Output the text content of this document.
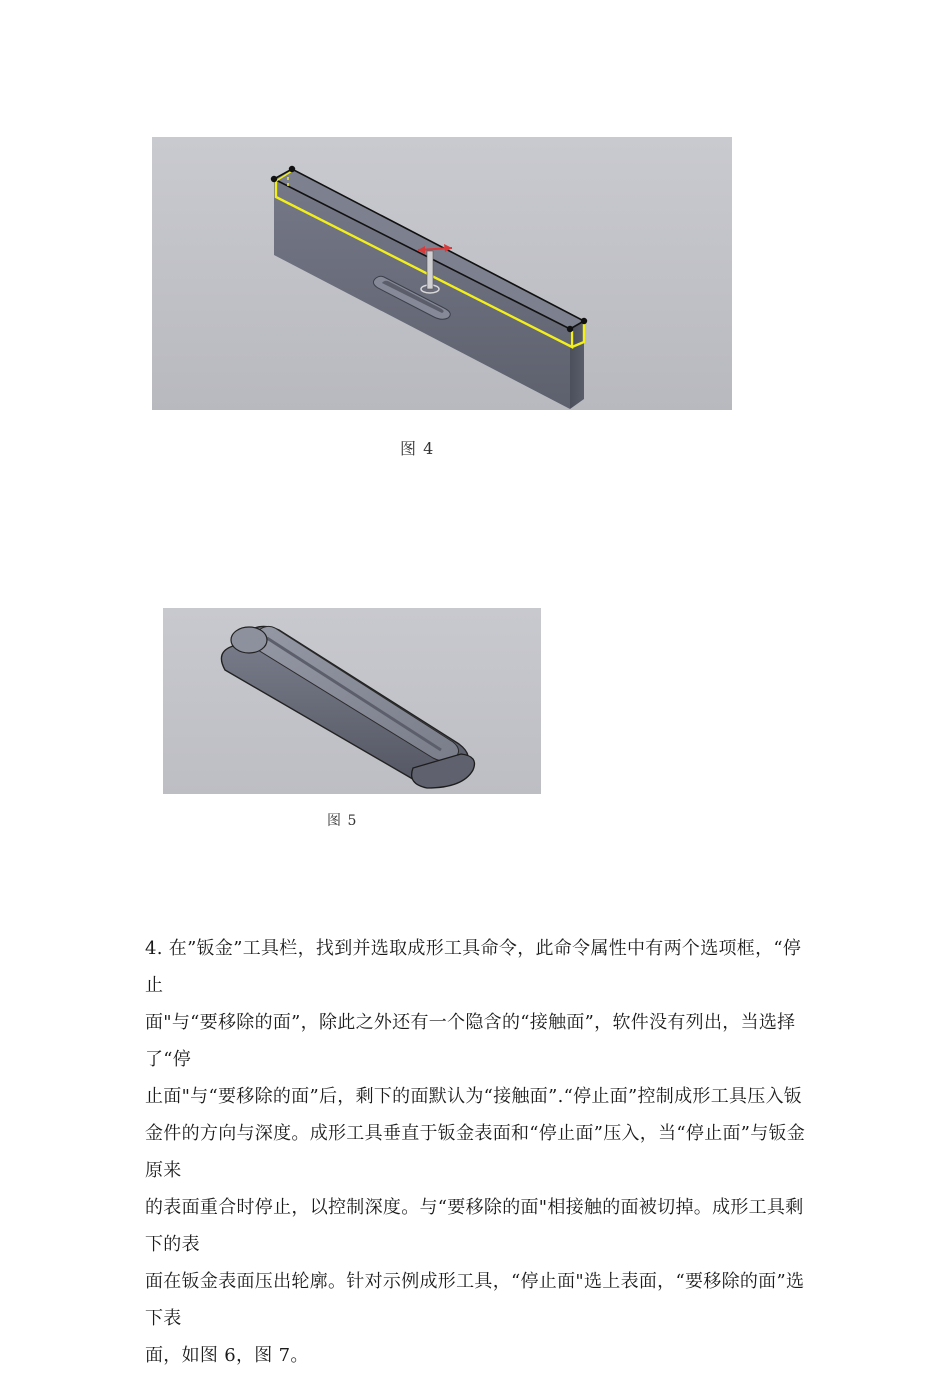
图 4
图 5

4. 在”钣金”工具栏，找到并选取成形工具命令，此命令属性中有两个选项框，“停止

面"与“要移除的面”，除此之外还有一个隐含的“接触面”，软件没有列出，当选择了“停

止面"与“要移除的面”后，剩下的面默认为“接触面”.“停止面”控制成形工具压入钣

金件的方向与深度。成形工具垂直于钣金表面和“停止面”压入，当“停止面”与钣金原来

的表面重合时停止，以控制深度。与“要移除的面"相接触的面被切掉。成形工具剩下的表

面在钣金表面压出轮廓。针对示例成形工具，“停止面"选上表面，“要移除的面”选下表

面，如图 6，图 7。
